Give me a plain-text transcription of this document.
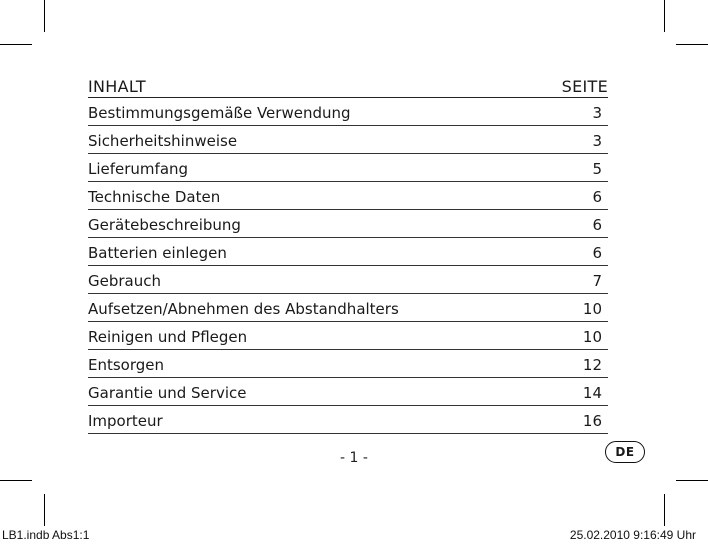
INHALT	SEITE
Bestimmungsgemäße Verwendung	3
Sicherheitshinweise	3
Lieferumfang	5
Technische Daten	6
Gerätebeschreibung	6
Batterien einlegen	6
Gebrauch	7
Aufsetzen/Abnehmen des Abstandhalters	10
Reinigen und Pflegen	10
Entsorgen	12
Garantie und Service	14
Importeur	16
- 1 -	DE
LB1.indb Abs1:1	25.02.2010 9:16:49 Uhr
